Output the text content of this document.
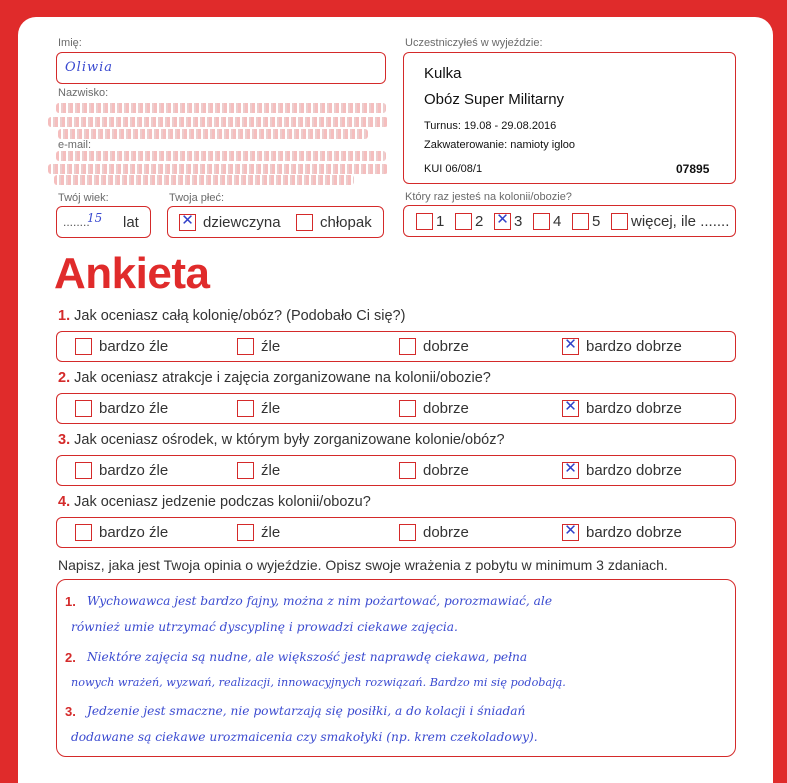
Imię:
Oliwia
Nazwisko:
e-mail:
Twój wiek:
........
15 lat
Twoja płeć:
✕ dziewczyna	chłopak
Uczestniczyłeś w wyjeździe:
Kulka
Obóz Super Militarny
Turnus: 19.08 - 29.08.2016
Zakwaterowanie: namioty igloo
KUI 06/08/1	07895
Który raz jesteś na kolonii/obozie?
1 2 ✕ 3 4 5 więcej, ile .......
Ankieta
1. Jak oceniasz całą kolonię/obóz? (Podobało Ci się?)
bardzo źle	źle	dobrze	✕ bardzo dobrze
2. Jak oceniasz atrakcje i zajęcia zorganizowane na kolonii/obozie?
bardzo źle	źle	dobrze	✕ bardzo dobrze
3. Jak oceniasz ośrodek, w którym były zorganizowane kolonie/obóz?
bardzo źle	źle	dobrze	✕ bardzo dobrze
4. Jak oceniasz jedzenie podczas kolonii/obozu?
bardzo źle	źle	dobrze	✕ bardzo dobrze
Napisz, jaka jest Twoja opinia o wyjeździe. Opisz swoje wrażenia z pobytu w minimum 3 zdaniach.
1. Wychowawca jest bardzo fajny, można z nim pożartować, porozmawiać, ale
również umie utrzymać dyscyplinę i prowadzi ciekawe zajęcia.
2. Niektóre zajęcia są nudne, ale większość jest naprawdę ciekawa, pełna
nowych wrażeń, wyzwań, realizacji, innowacyjnych rozwiązań. Bardzo mi się podobają.
3. Jedzenie jest smaczne, nie powtarzają się posiłki, a do kolacji i śniadań
dodawane są ciekawe urozmaicenia czy smakołyki (np. krem czekoladowy).
